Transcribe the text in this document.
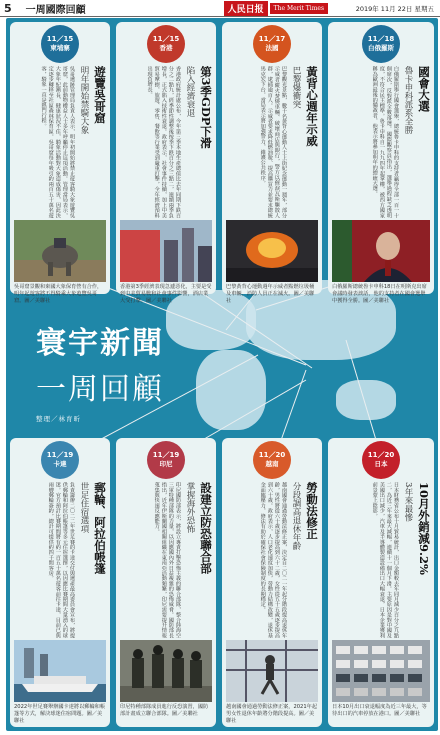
5 一周國際回顧	人民日报	The Merit Times	2019年 11月 22日 星期五
寰宇新聞
一周回顧
整理／林育昕
11／15
柬埔寨
遊覽吳哥窟
明年開始禁騎大象
吳哥遺跡管理局負責人表示，明年初開始將禁止遊客騎大象遊覽吳哥窟，此前動物權益人士多年呼籲停止這項活動。管理當局表示，大象年紀漸長、健康狀況不佳，騎象活動對大象造成傷害，因此決定逐步轉移至社區森林保育區。吳哥窟每年吸引約兩百五十萬名遊客，騎象一直是熱門行程。
吳哥窟景觀和柬國大象保育營有合作，明年起遊客將不得騎乘大象遊覽吳哥窟。圖／美聯社
11／15
香港
第3季GDP下滑
陷入經濟衰退
香港政府統計處公布，今年第三季本地生產總值比去年同期下跌百分之二點九，經季節性調整後按季下跌百分之三點二，連續兩季負增長，正式陷入技術性衰退。政府表示，社會事件持續，加上中美貿易摩擦，旅遊、零售、餐飲等行業受到嚴重打擊，全年經濟預料出現負增長。
香港第3季經濟表現急遽惡化，主要是受到中美貿易戰和社會事件影響，酒店業大受打擊。圖／美聯社
11／17
法國
黃背心週年示威
巴黎爆衝突
巴黎觀光景點，數千名黃背心運動人士上街紀念運動一週年，部分示威者縱火焚燒車輛、破壞商店與銀行，警方以催淚瓦斯驅散人群，逮捕逾百人。示威者要求降低燃油稅、提高購買力並要求總統馬克宏下台。當局表示將加強警力，維護公共秩序。
巴黎黃背心運動週年示威者點燃垃圾桶及車輛，消防人員正在滅火。圖／美聯社
11／18
白俄羅斯
國會大選
魯卡申科派系全勝
白俄羅斯舉行國會選舉，總統魯卡申科的支持者贏得全部一百一十個席次，反對派全數落選。國際觀察員指出，選舉過程缺乏透明度，不符合民主標準。魯卡申科自一九九四年起掌權，被西方國家稱為歐洲最後的獨裁者，他表示將參加明年的總統大選。
白俄羅斯總統魯卡申科18日在明斯克出席會議時發表談話，他的支持者在國會選舉中獲得全勝。圖／美聯社
11／19
卡達
郵輪、阿拉伯帳篷
世足住宿選項
負責籌辦二〇二二年世足賽的卡達交付與遺產最高委員會宣布，將提供郵輪和阿拉伯帳篷等多元住宿選擇，以因應比賽期間大量湧入的球迷。官方預計比賽期間將有約一百五十萬名遊客前往卡達，目前已與兩艘郵輪簽約，總計可提供約四千間客房。
2022年世足賽舉辦國卡達將以郵輪和帳篷等方式，解決球迷住宿問題。圖／美聯社
11／19
印尼
設建立防恐聯合部
掌握海外恐怖
印尼國防部表示，將設立專責打擊恐怖主義的聯合部隊，整合陸海空三軍特種部隊的力量，以因應國內外日益複雜的恐怖威脅。國防部長指出，近年伊斯蘭國相關組織在東南亞活動頻繁，印尼需要提升情報蒐集與快速反應能力。
印尼特種部隊成員進行反恐演習，國防部計畫成立聯合部隊。圖／美聯社
11／20
越南
勞動法修正
分段調高退休年齡
越南國會通過勞動法修正案，決定自二〇二一年起分階段提高退休年齡，男性將從六十歲逐步提高到六十二歲，女性從五十五歲逐步提高到六十歲。政府表示，人口老化速度加快，勞動力結構改變，退休基金面臨壓力，修法有助於確保社會保險制度的長期穩定。
越南國會通過勞動法修正案，2021年起男女性退休年齡將分階段提高。圖／美聯社
11／20
日本
10月外銷減9.2%
3年來最慘
日本財務省公布十月貿易統計，出口金額較去年同月減少百分之九點二，為近三年來最大減幅，連續十一個月下滑。主要原因是對中國及美國出口減少，汽車及半導體製造設備出口大幅衰退，日本企業獲利前景蒙上陰影。
日本10月出口衰退幅度為近三年最大，等待出口的汽車停放在港口。圖／美聯社
